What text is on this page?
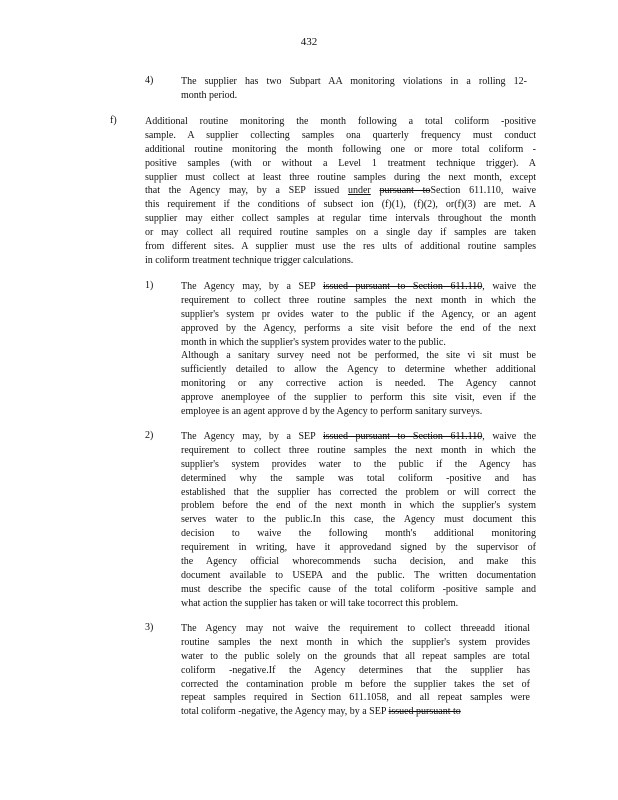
432
4)	The supplier has two Subpart AA monitoring violations in a rolling 12-
month period.
f)	Additional routine monitoring the month following a total coliform -positive
sample. A supplier collecting samples ona quarterly frequency must conduct
additional routine monitoring the month following one or more total coliform -
positive samples (with or without a Level 1 treatment technique trigger). A
supplier must collect at least three routine samples during the next month, except
that the Agency may, by a SEP issued under pursuant toSection 611.110, waive
this requirement if the conditions of subsect ion (f)(1), (f)(2), or(f)(3) are met. A
supplier may either collect samples at regular time intervals throughout the month
or may collect all required routine samples on a single day if samples are taken
from different sites. A supplier must use the res ults of additional routine samples
in coliform treatment technique trigger calculations.
1)	The Agency may, by a SEP issued pursuant to Section 611.110, waive the
requirement to collect three routine samples the next month in which the
supplier's system pr ovides water to the public if the Agency, or an agent
approved by the Agency, performs a site visit before the end of the next
month in which the supplier's system provides water to the public.
Although a sanitary survey need not be performed, the site vi sit must be
sufficiently detailed to allow the Agency to determine whether additional
monitoring or any corrective action is needed. The Agency cannot
approve anemployee of the supplier to perform this site visit, even if the
employee is an agent approve d by the Agency to perform sanitary surveys.
2)	The Agency may, by a SEP issued pursuant to Section 611.110, waive the
requirement to collect three routine samples the next month in which the
supplier's system provides water to the public if the Agency has
determined why the sample was total coliform -positive and has
established that the supplier has corrected the problem or will correct the
problem before the end of the next month in which the supplier's system
serves water to the public.In this case, the Agency must document this
decision to waive the following month's additional monitoring
requirement in writing, have it approvedand signed by the supervisor of
the Agency official whorecommends sucha decision, and make this
document available to USEPA and the public. The written documentation
must describe the specific cause of the total coliform -positive sample and
what action the supplier has taken or will take tocorrect this problem.
3)	The Agency may not waive the requirement to collect threeadd itional
routine samples the next month in which the supplier's system provides
water to the public solely on the grounds that all repeat samples are total
coliform -negative.If the Agency determines that the supplier has
corrected the contamination proble m before the supplier takes the set of
repeat samples required in Section 611.1058, and all repeat samples were
total coliform -negative, the Agency may, by a SEP issued pursuant to
